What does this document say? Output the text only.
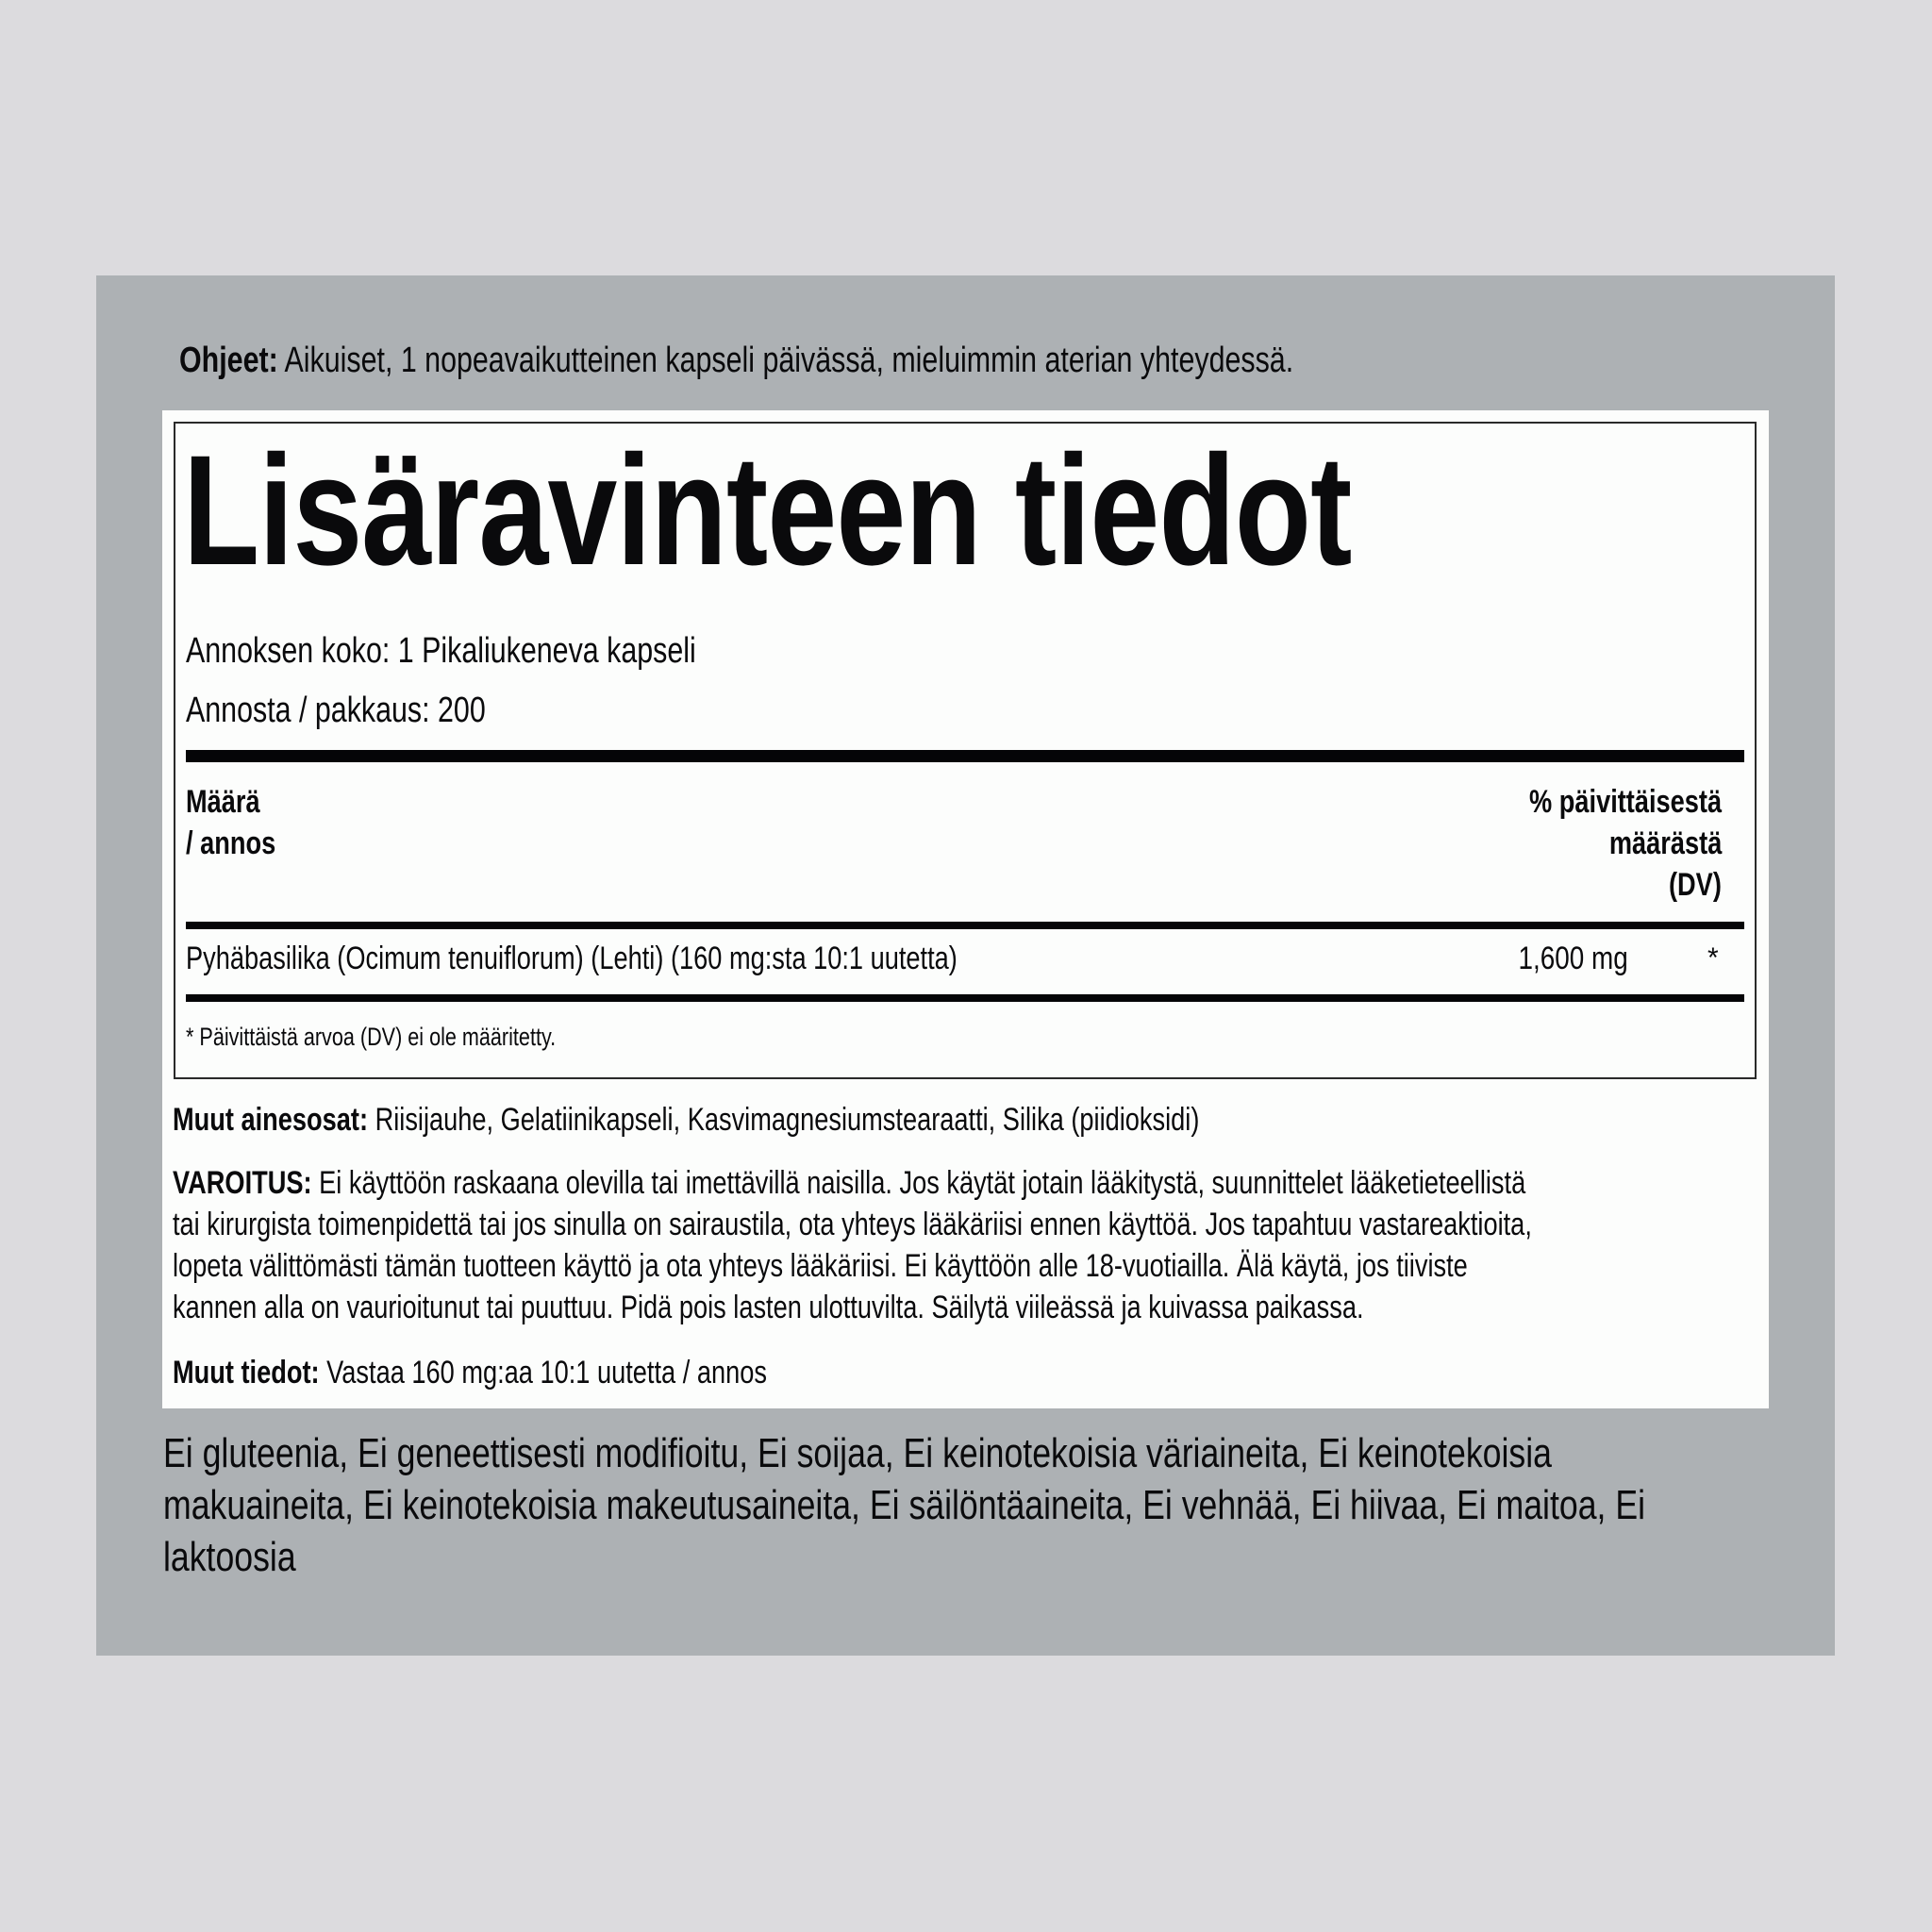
Ohjeet: Aikuiset, 1 nopeavaikutteinen kapseli päivässä, mieluimmin aterian yhteydessä.
Lisäravinteen tiedot
Annoksen koko: 1 Pikaliukeneva kapseli
Annosta / pakkaus: 200
Määrä
/ annos
% päivittäisestä
määrästä
(DV)
Pyhäbasilika (Ocimum tenuiflorum) (Lehti) (160 mg:sta 10:1 uutetta)	1,600 mg	*
* Päivittäistä arvoa (DV) ei ole määritetty.
Muut ainesosat: Riisijauhe, Gelatiinikapseli, Kasvimagnesiumstearaatti, Silika (piidioksidi)
VAROITUS: Ei käyttöön raskaana olevilla tai imettävillä naisilla. Jos käytät jotain lääkitystä, suunnittelet lääketieteellistä
tai kirurgista toimenpidettä tai jos sinulla on sairaustila, ota yhteys lääkäriisi ennen käyttöä. Jos tapahtuu vastareaktioita,
lopeta välittömästi tämän tuotteen käyttö ja ota yhteys lääkäriisi. Ei käyttöön alle 18-vuotiailla. Älä käytä, jos tiiviste
kannen alla on vaurioitunut tai puuttuu. Pidä pois lasten ulottuvilta. Säilytä viileässä ja kuivassa paikassa.
Muut tiedot: Vastaa 160 mg:aa 10:1 uutetta / annos
Ei gluteenia, Ei geneettisesti modifioitu, Ei soijaa, Ei keinotekoisia väriaineita, Ei keinotekoisia
makuaineita, Ei keinotekoisia makeutusaineita, Ei säilöntäaineita, Ei vehnää, Ei hiivaa, Ei maitoa, Ei
laktoosia
